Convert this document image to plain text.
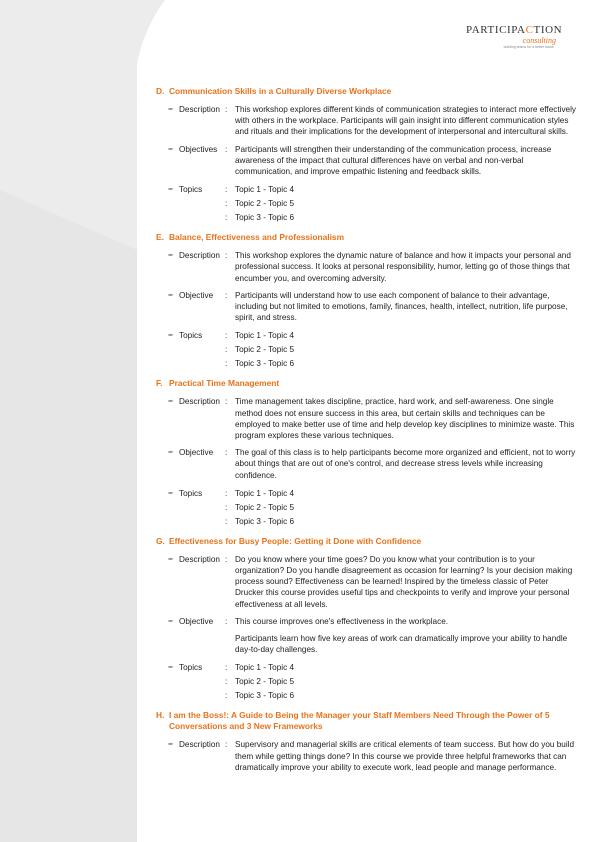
PARTICIPACTION
consulting
building teams for a better future
D. Communication Skills in a Culturally Diverse Workplace
➨ Description : This workshop explores different kinds of communication strategies to interact more effectively with others in the workplace. Participants will gain insight into different communication styles and rituals and their implications for the development of interpersonal and intercultural skills.
➨ Objectives : Participants will strengthen their understanding of the communication process, increase awareness of the impact that cultural differences have on verbal and non-verbal communication, and improve empathic listening and feedback skills.
➨ Topics	: Topic 1 - Topic 4
: Topic 2 - Topic 5
: Topic 3 - Topic 6
E. Balance, Effectiveness and Professionalism
➨ Description : This workshop explores the dynamic nature of balance and how it impacts your personal and professional success. It looks at personal responsibility, humor, letting go of those things that encumber you, and overcoming adversity.
➨ Objective	: Participants will understand how to use each component of balance to their advantage, including but not limited to emotions, family, finances, health, intellect, nutrition, life purpose, spirit, and stress.
➨ Topics	: Topic 1 - Topic 4
: Topic 2 - Topic 5
: Topic 3 - Topic 6
F. Practical Time Management
➨ Description : Time management takes discipline, practice, hard work, and self-awareness. One single method does not ensure success in this area, but certain skills and techniques can be employed to make better use of time and help develop key disciplines to minimize waste. This program explores these various techniques.
➨ Objective	: The goal of this class is to help participants become more organized and efficient, not to worry about things that are out of one's control, and decrease stress levels while increasing confidence.
➨ Topics	: Topic 1 - Topic 4
: Topic 2 - Topic 5
: Topic 3 - Topic 6
G. Effectiveness for Busy People: Getting it Done with Confidence
➨ Description : Do you know where your time goes? Do you know what your contribution is to your organization? Do you handle disagreement as occasion for learning? Is your decision making process sound? Effectiveness can be learned! Inspired by the timeless classic of Peter Drucker this course provides useful tips and checkpoints to verify and improve your personal effectiveness at all levels.
➨ Objective	: This course improves one's effectiveness in the workplace.
Participants learn how five key areas of work can dramatically improve your ability to handle day-to-day challenges.
➨ Topics	: Topic 1 - Topic 4
: Topic 2 - Topic 5
: Topic 3 - Topic 6
H. I am the Boss!: A Guide to Being the Manager your Staff Members Need Through the Power of 5 Conversations and 3 New Frameworks
➨ Description : Supervisory and managerial skills are critical elements of team success. But how do you build them while getting things done? In this course we provide three helpful frameworks that can dramatically improve your ability to execute work, lead people and manage performance.
